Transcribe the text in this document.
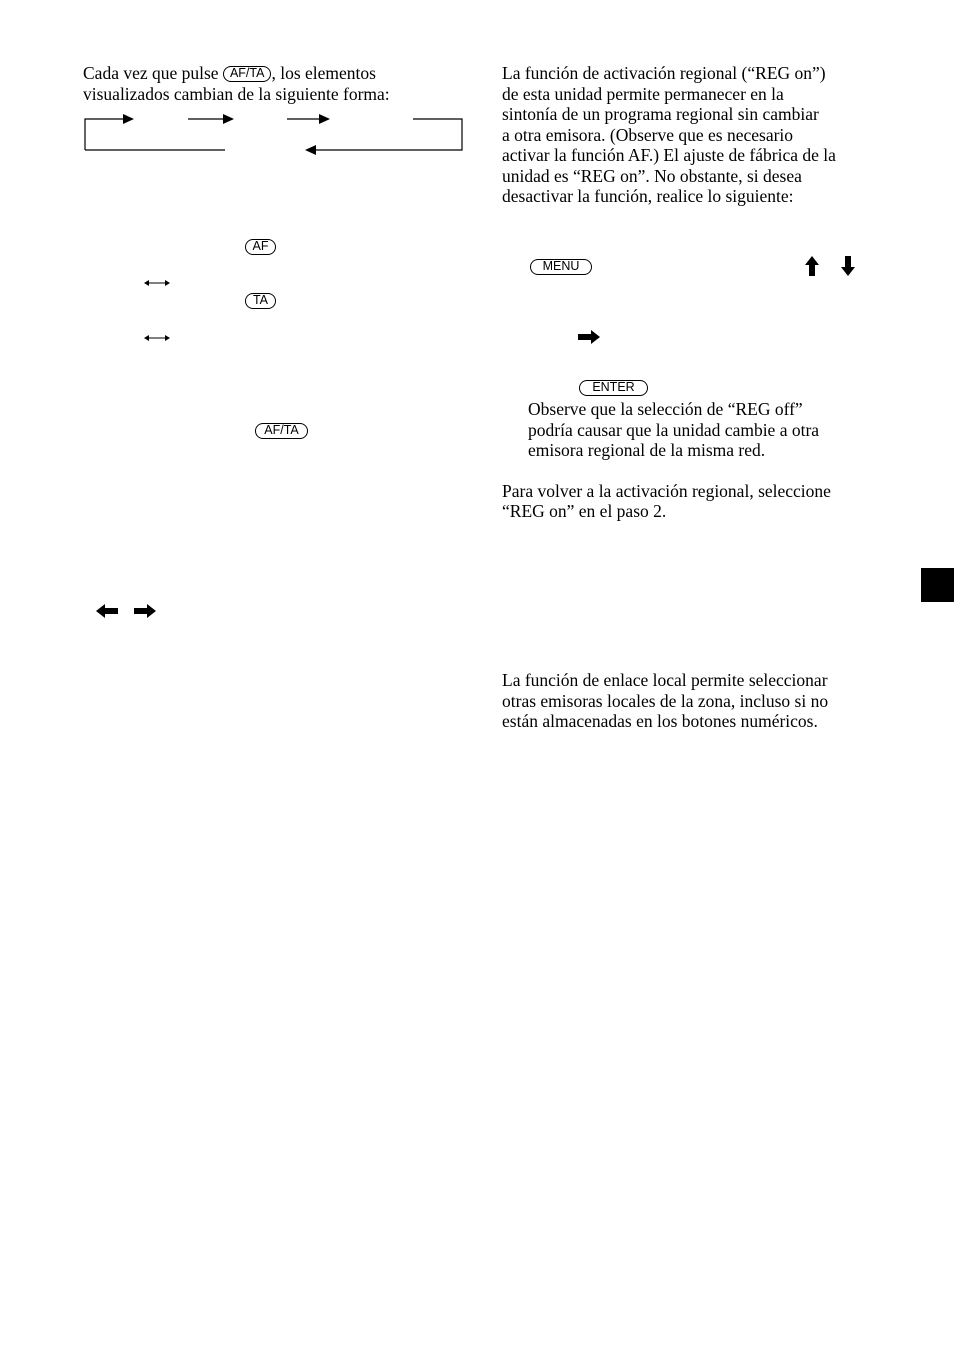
Cada vez que pulse AF/TA , los elementos

visualizados cambian de la siguiente forma:

AF
TA
AF/TA

La función de activación regional (“REG on”)

de esta unidad permite permanecer en la

sintonía de un programa regional sin cambiar

a otra emisora. (Observe que es necesario

activar la función AF.) El ajuste de fábrica de la

unidad es “REG on”. No obstante, si desea

desactivar la función, realice lo siguiente:

MENU
ENTER

Observe que la selección de “REG off”

podría causar que la unidad cambie a otra

emisora regional de la misma red.

Para volver a la activación regional, seleccione

“REG on” en el paso 2.

La función de enlace local permite seleccionar

otras emisoras locales de la zona, incluso si no

están almacenadas en los botones numéricos.
